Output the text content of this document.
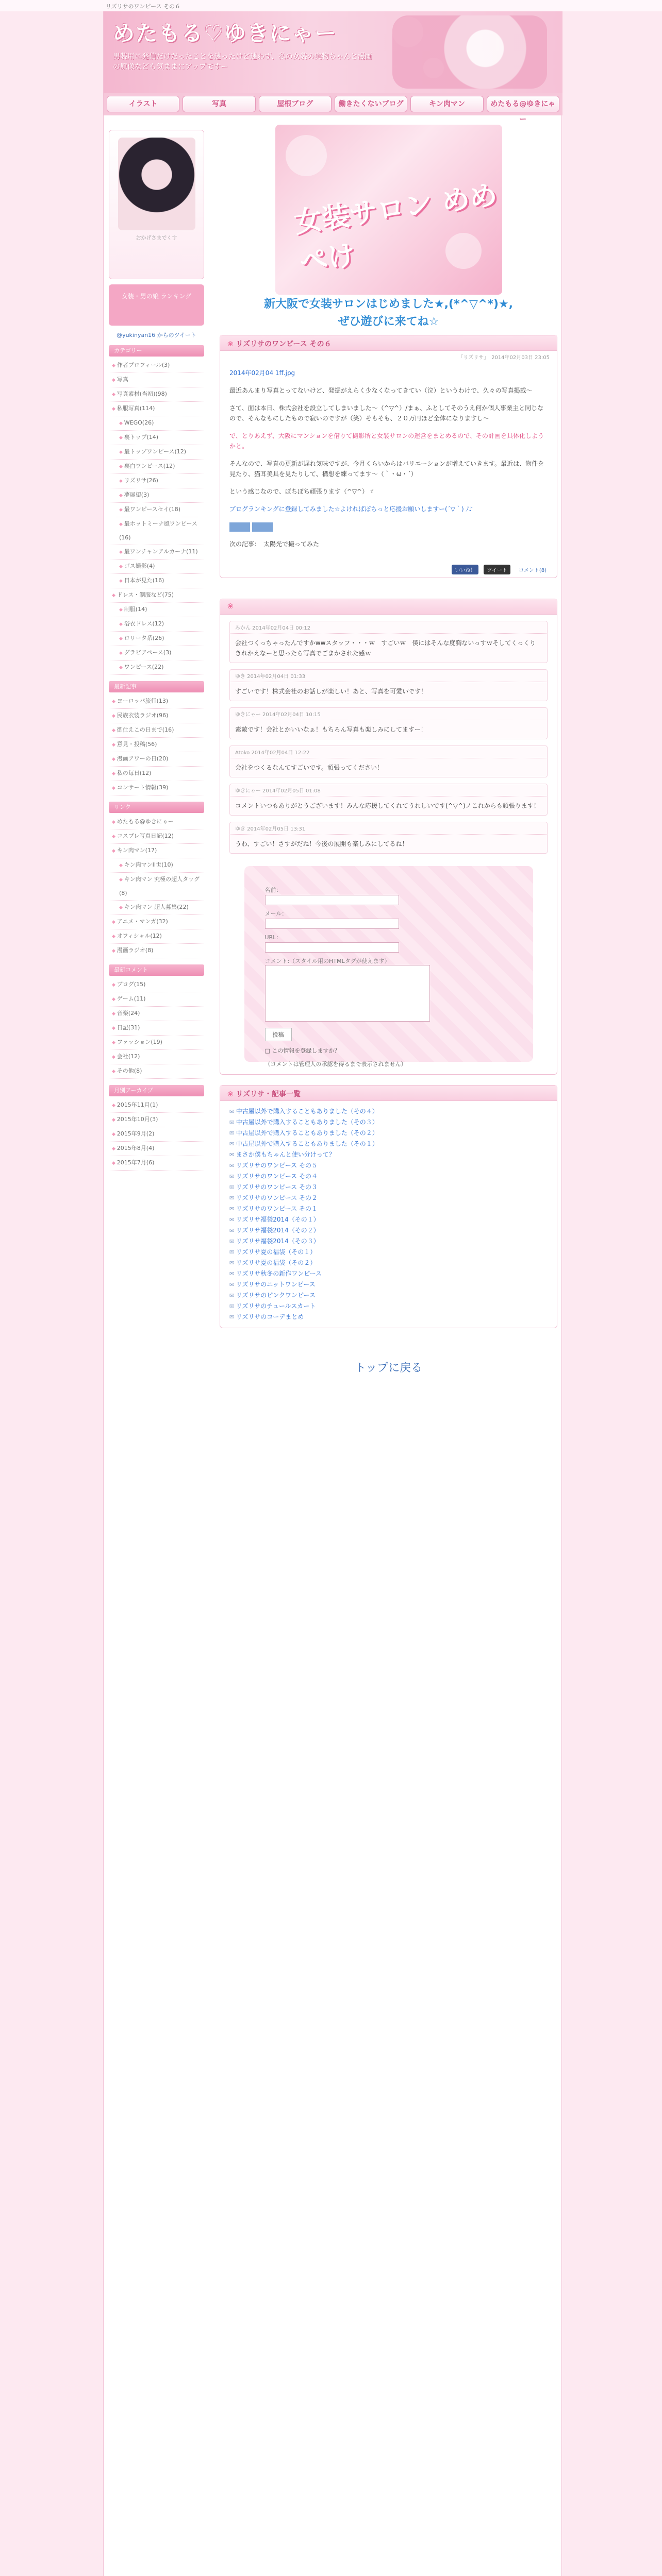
リズリサのワンピース その６
めたもる♡ゆきにゃー
男装用に発信だけだったことを迷ったけど迷わず、私の女装の実物ちゃんと漫画の原像なども気ままにアップですー
イラスト	写真	屋根ブログ	働きたくないブログ	キン肉マン	めたもる@ゆきにゃー

おかげさまでくす

女装・男の娘 ランキング
@yukinyan16 からのツイート
カテゴリー
◆ 作者プロフィール(3)
◆ 写真
◆ 写真素材(当初)(98)
◆ 私服写真(114)
◆ WEGO(26)
◆ 裏トップ(14)
◆ 最トップワンピース(12)
◆ 裏白ワンピース(12)
◆ リズリサ(26)
◆ 夢展望(3)
◆ 最ワンピースセイ(18)
◆ 最ホットミーナ風ワンピース(16)
◆ 最ワンチャンアルカーナ(11)
◆ ゴス撮影(4)
◆ 日本が見た(16)
◆ ドレス・制服など(75)
◆ 制服(14)
◆ 浴衣ドレス(12)
◆ ロリータ系(26)
◆ グラビアペース(3)
◆ ワンピース(22)
最新記事
◆ ヨーロッパ旅行(13)
◆ 民族衣装ラジオ(96)
◆ 御仕えこの日まで(16)
◆ 意見・投稿(56)
◆ 漫画アワーの日(20)
◆ 私の毎日(12)
◆ コンサート情報(39)
リンク
◆ めたもる@ゆきにゃー
◆ コスプレ写真日記(12)
◆ キン肉マン(17)
◆ キン肉マンII世(10)
◆ キン肉マン 究極の超人タッグ(8)
◆ キン肉マン 超人募集(22)
◆ アニメ・マンガ(32)
◆ オフィシャル(12)
◆ 漫画ラジオ(8)
最新コメント
◆ ブログ(15)
◆ ゲーム(11)
◆ 音楽(24)
◆ 日記(31)
◆ ファッション(19)
◆ 会社(12)
◆ その他(8)
月別アーカイブ
◆ 2015年11月(1)
◆ 2015年10月(3)
◆ 2015年9月(2)
◆ 2015年8月(4)
◆ 2015年7月(6)
女装サロン めめぺけ
新大阪で女装サロンはじめました★,(*^▽^*)★,
ぜひ遊びに来てね☆
❀ リズリサのワンピース その６
「リズリサ」　2014年02月03日 23:05

2014年02月04 1ff.jpg

最近あんまり写真とってないけど、発掘がえらく少なくなってきてい（泣）というわけで、久々の写真掲載～

さて、面は本日、株式会社を設立してしまいました～（^▽^）/まぁ、ふとしてそのうえ何か個人事業主と同じなので、そんなもにしたもので寂いのですが（笑）そもそも、２０万円ほど全体になりますし～

で、とりあえず、大阪にマンションを借りて撮影所と女装サロンの運営をまとめるので、その計画を具体化しようかと。

そんなので、写真の更新が遅れ気味ですが、今月くらいからはバリエーションが増えていきます。最近は、物件を見たり、猫耳美具を見たりして、構想を練ってます～（｀・ω・´）

という感じなので、ぼちぼち頑張ります（^▽^）ゞ

ブログランキングに登録してみました☆よければぽちっと応援お願いしますー(´▽｀) ﾉ♪

次の記事：　太陽光で撮ってみた

いいね！	ツイート	コメント(8)
❀
みかん 2014年02月04日 00:12
会社つくっちゃったんですかwwスタッフ・・・ｗ　すごいｗ　僕にはそんな度胸ないっすｗそしてくっくりきれかえなーと思ったら写真でごまかされた感ｗ
ゆき 2014年02月04日 01:33
すごいです！株式会社のお話しが楽しい！あと、写真を可愛いです！
ゆきにゃー 2014年02月04日 10:15
素敵です！会社とかいいなぁ！もちろん写真も楽しみにしてますー！
Atoko 2014年02月04日 12:22
会社をつくるなんてすごいです。頑張ってください！
ゆきにゃー 2014年02月05日 01:08
コメントいつもありがとうございます！みんな応援してくれてうれしいです(^▽^)ノこれからも頑張ります！
ゆき 2014年02月05日 13:31
うわ、すごい！さすがだね！今後の展開も楽しみにしてるね！
名前：
メール：
URL：
コメント:（スタイル用のHTMLタグが使えます）
投稿
□ この情報を登録しますか？
（コメントは管理人の承認を得るまで表示されません）
❀ リズリサ・記事一覧
✉ 中古屋以外で購入することもありました（その４）
✉ 中古屋以外で購入することもありました（その３）
✉ 中古屋以外で購入することもありました（その２）
✉ 中古屋以外で購入することもありました（その１）
✉ まさか僕もちゃんと使い分けって？
✉ リズリサのワンピース その５
✉ リズリサのワンピース その４
✉ リズリサのワンピース その３
✉ リズリサのワンピース その２
✉ リズリサのワンピース その１
✉ リズリサ福袋2014（その１）
✉ リズリサ福袋2014（その２）
✉ リズリサ福袋2014（その３）
✉ リズリサ夏の福袋（その１）
✉ リズリサ夏の福袋（その２）
✉ リズリサ秋冬の新作ワンピース
✉ リズリサのニットワンピース
✉ リズリサのピンクワンピース
✉ リズリサのチュールスカート
✉ リズリサのコーデまとめ
トップに戻る
